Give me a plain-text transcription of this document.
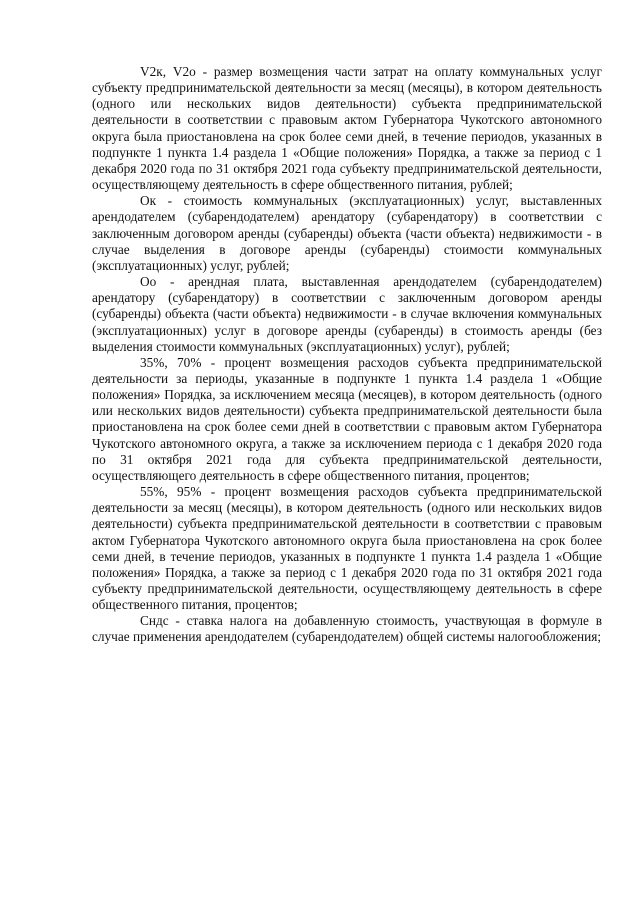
V2к, V2о - размер возмещения части затрат на оплату коммунальных услуг субъекту предпринимательской деятельности за месяц (месяцы), в котором деятельность (одного или нескольких видов деятельности) субъекта предпринимательской деятельности в соответствии с правовым актом Губернатора Чукотского автономного округа была приостановлена на срок более семи дней, в течение периодов, указанных в подпункте 1 пункта 1.4 раздела 1 «Общие положения» Порядка, а также за период с 1 декабря 2020 года по 31 октября 2021 года субъекту предпринимательской деятельности, осуществляющему деятельность в сфере общественного питания, рублей;

Ок - стоимость коммунальных (эксплуатационных) услуг, выставленных арендодателем (субарендодателем) арендатору (субарендатору) в соответствии с заключенным договором аренды (субаренды) объекта (части объекта) недвижимости - в случае выделения в договоре аренды (субаренды) стоимости коммунальных (эксплуатационных) услуг, рублей;

Оо - арендная плата, выставленная арендодателем (субарендодателем) арендатору (субарендатору) в соответствии с заключенным договором аренды (субаренды) объекта (части объекта) недвижимости - в случае включения коммунальных (эксплуатационных) услуг в договоре аренды (субаренды) в стоимость аренды (без выделения стоимости коммунальных (эксплуатационных) услуг), рублей;

35%, 70% - процент возмещения расходов субъекта предпринимательской деятельности за периоды, указанные в подпункте 1 пункта 1.4 раздела 1 «Общие положения» Порядка, за исключением месяца (месяцев), в котором деятельность (одного или нескольких видов деятельности) субъекта предпринимательской деятельности была приостановлена на срок более семи дней в соответствии с правовым актом Губернатора Чукотского автономного округа, а также за исключением периода с 1 декабря 2020 года по 31 октября 2021 года для субъекта предпринимательской деятельности, осуществляющего деятельность в сфере общественного питания, процентов;

55%, 95% - процент возмещения расходов субъекта предпринимательской деятельности за месяц (месяцы), в котором деятельность (одного или нескольких видов деятельности) субъекта предпринимательской деятельности в соответствии с правовым актом Губернатора Чукотского автономного округа была приостановлена на срок более семи дней, в течение периодов, указанных в подпункте 1 пункта 1.4 раздела 1 «Общие положения» Порядка, а также за период с 1 декабря 2020 года по 31 октября 2021 года субъекту предпринимательской деятельности, осуществляющему деятельность в сфере общественного питания, процентов;

Сндс - ставка налога на добавленную стоимость, участвующая в формуле в случае применения арендодателем (субарендодателем) общей системы налогообложения;
